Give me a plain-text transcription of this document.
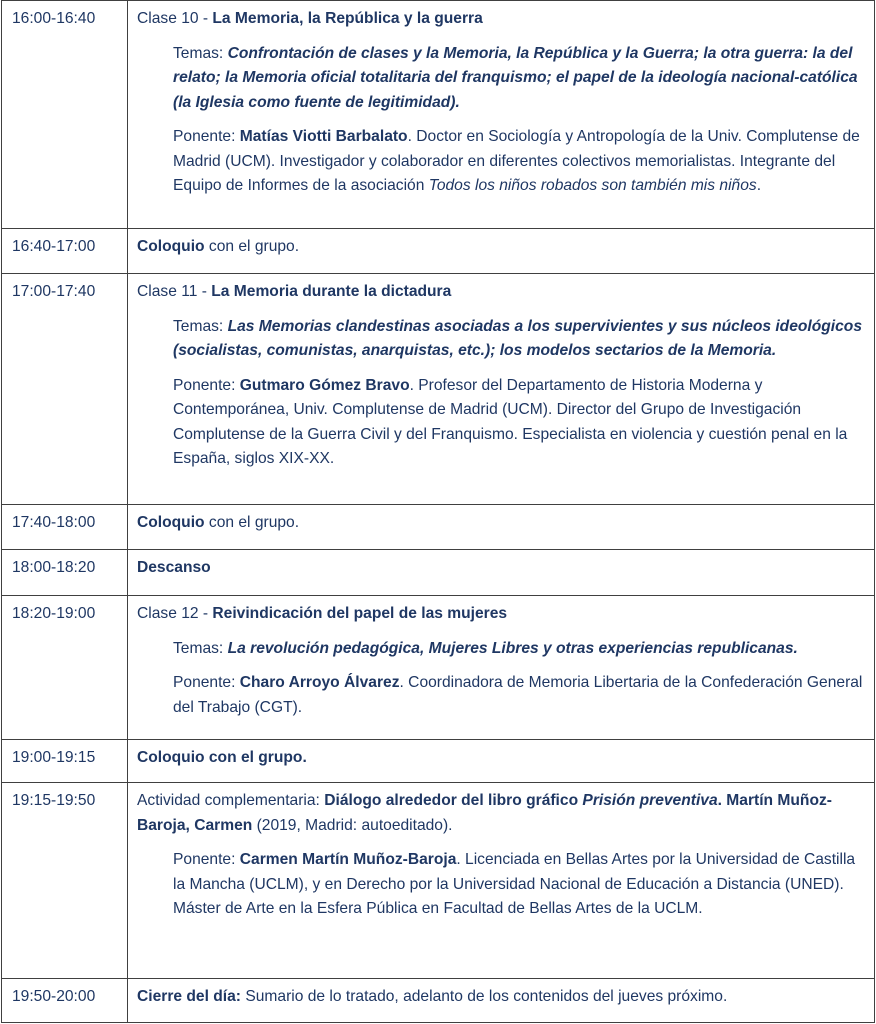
16:00-16:40	Clase 10 - La Memoria, la República y la guerra

Temas: Confrontación de clases y la Memoria, la República y la Guerra; la otra guerra: la del relato; la Memoria oficial totalitaria del franquismo; el papel de la ideología nacional-católica (la Iglesia como fuente de legitimidad).

Ponente: Matías Viotti Barbalato. Doctor en Sociología y Antropología de la Univ. Complutense de Madrid (UCM). Investigador y colaborador en diferentes colectivos memorialistas. Integrante del Equipo de Informes de la asociación Todos los niños robados son también mis niños.

16:40-17:00	Coloquio con el grupo.
17:00-17:40	Clase 11 - La Memoria durante la dictadura

Temas: Las Memorias clandestinas asociadas a los supervivientes y sus núcleos ideológicos (socialistas, comunistas, anarquistas, etc.); los modelos sectarios de la Memoria.

Ponente: Gutmaro Gómez Bravo. Profesor del Departamento de Historia Moderna y Contemporánea, Univ. Complutense de Madrid (UCM). Director del Grupo de Investigación Complutense de la Guerra Civil y del Franquismo. Especialista en violencia y cuestión penal en la España, siglos XIX-XX.

17:40-18:00	Coloquio con el grupo.
18:00-18:20	Descanso
18:20-19:00	Clase 12 - Reivindicación del papel de las mujeres

Temas: La revolución pedagógica, Mujeres Libres y otras experiencias republicanas.

Ponente: Charo Arroyo Álvarez. Coordinadora de Memoria Libertaria de la Confederación General del Trabajo (CGT).

19:00-19:15	Coloquio con el grupo.
19:15-19:50	Actividad complementaria: Diálogo alrededor del libro gráfico Prisión preventiva. Martín Muñoz-Baroja, Carmen (2019, Madrid: autoeditado).

Ponente: Carmen Martín Muñoz-Baroja. Licenciada en Bellas Artes por la Universidad de Castilla la Mancha (UCLM), y en Derecho por la Universidad Nacional de Educación a Distancia (UNED). Máster de Arte en la Esfera Pública en Facultad de Bellas Artes de la UCLM.

19:50-20:00	Cierre del día: Sumario de lo tratado, adelanto de los contenidos del jueves próximo.
